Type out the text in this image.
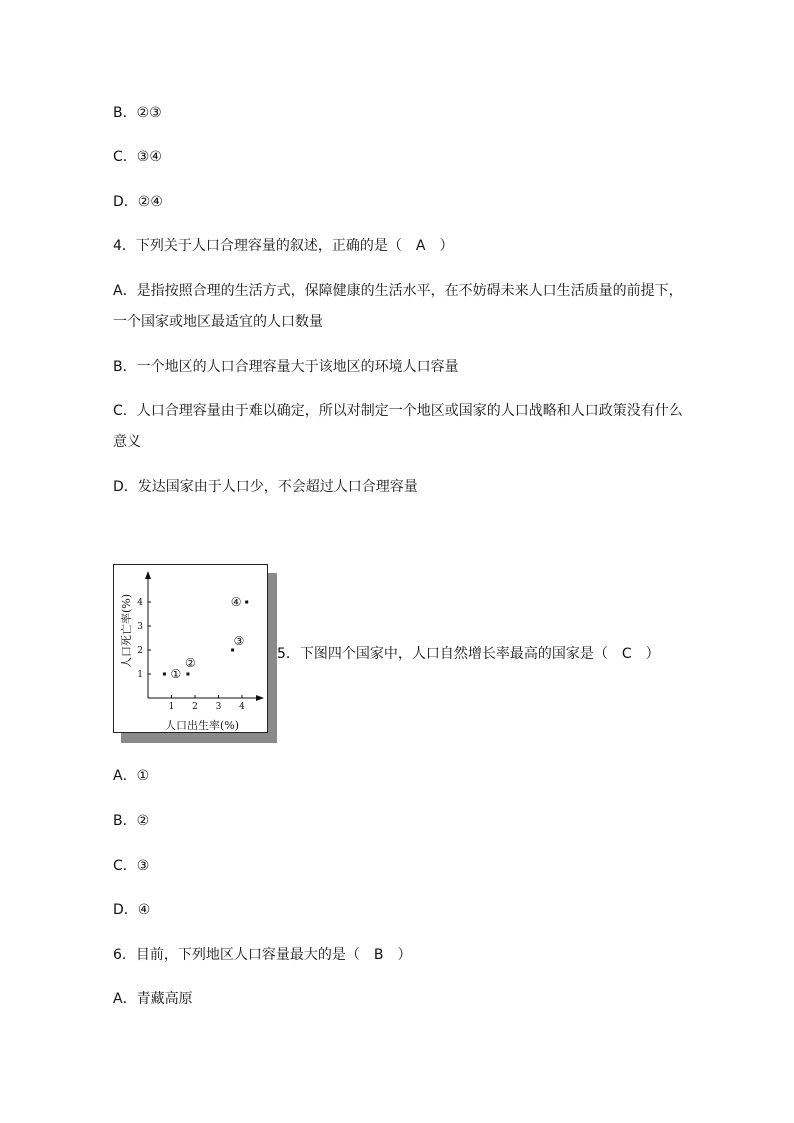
B．②③
C．③④
D．②④
4．下列关于人口合理容量的叙述，正确的是（　A　）
A．是指按照合理的生活方式，保障健康的生活水平，在不妨碍未来人口生活质量的前提下，
一个国家或地区最适宜的人口数量
B．一个地区的人口合理容量大于该地区的环境人口容量
C．人口合理容量由于难以确定，所以对制定一个地区或国家的人口战略和人口政策没有什么
意义
D．发达国家由于人口少，不会超过人口合理容量
1 2 3 4
1
2
3
4
人口出生率(%)
人口死亡率(%)
①
②
③
④
5．下图四个国家中，人口自然增长率最高的国家是（　C　）
A．①
B．②
C．③
D．④
6．目前，下列地区人口容量最大的是（　B　）
A．青藏高原
